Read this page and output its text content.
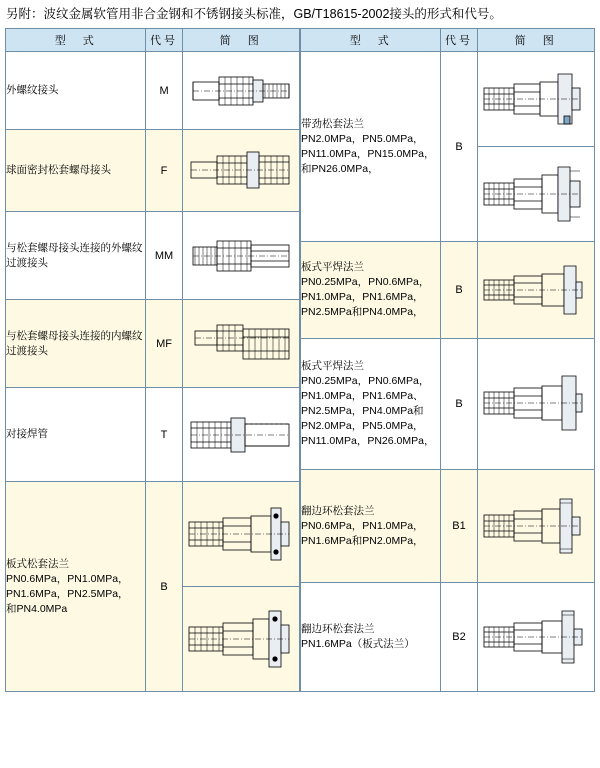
另附：波纹金属软管用非合金钢和不锈钢接头标准，GB/T18615-2002接头的形式和代号。
型　式	代号	简　图
外螺纹接头	M	

球面密封松套螺母接头	F	

与松套螺母接头连接的外螺纹过渡接头	MM	

与松套螺母接头连接的内螺纹过渡接头	MF	

对接焊管	T	

板式松套法兰
PN0.6MPa，PN1.0MPa，
PN1.6MPa，PN2.5MPa，
和PN4.0MPa	B	

型　式	代号	简　图

带劲松套法兰
PN2.0MPa，PN5.0MPa，
PN11.0MPa，PN15.0MPa，
和PN26.0MPa，	B	

板式平焊法兰
PN0.25MPa，PN0.6MPa，
PN1.0MPa，PN1.6MPa，
PN2.5MPa和PN4.0MPa，	B	

板式平焊法兰
PN0.25MPa，PN0.6MPa，
PN1.0MPa，PN1.6MPa、
PN2.5MPa，PN4.0MPa和
PN2.0MPa，PN5.0MPa，
PN11.0MPa，PN26.0MPa，
	B	

翻边环松套法兰
PN0.6MPa，PN1.0MPa，
PN1.6MPa和PN2.0MPa，	B1	

翻边环松套法兰
PN1.6MPa（板式法兰）	B2	
